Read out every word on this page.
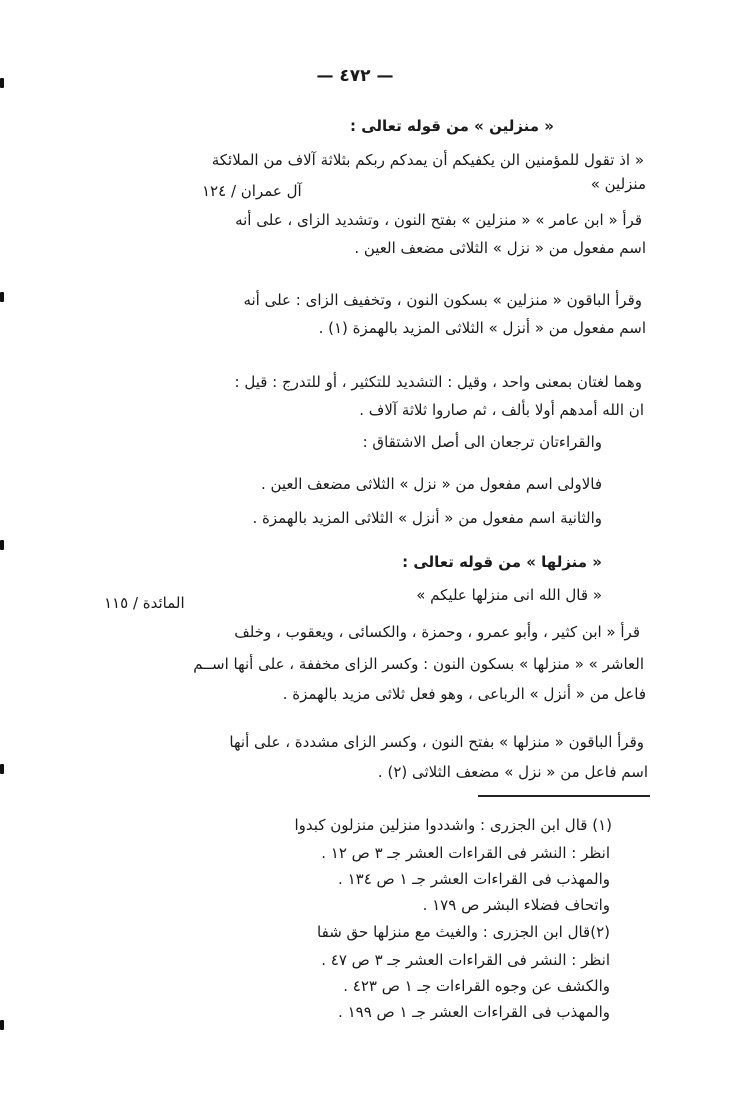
— ٤٧٢ —
« منزلين » من قوله تعالى :
« اذ تقول للمؤمنين الن يكفيكم أن يمدكم ربكم بثلاثة آلاف من الملائكة
منزلين »
آل عمران / ١٢٤
قرأ « ابن عامر » « منزلين » بفتح النون ، وتشديد الزاى ، على أنه
اسم مفعول من « نزل » الثلاثى مضعف العين .
وقرأ الباقون « منزلين » بسكون النون ، وتخفيف الزاى : على أنه
اسم مفعول من « أنزل » الثلاثى المزيد بالهمزة (١) .
وهما لغتان بمعنى واحد ، وقيل : التشديد للتكثير ، أو للتدرج : قيل :
ان الله أمدهم أولا بألف ، ثم صاروا ثلاثة آلاف .
والقراءتان ترجعان الى أصل الاشتقاق :
فالاولى اسم مفعول من « نزل » الثلاثى مضعف العين .
والثانية اسم مفعول من « أنزل » الثلاثى المزيد بالهمزة .
« منزلها » من قوله تعالى :
« قال الله انى منزلها عليكم »
المائدة / ١١٥
قرأ « ابن كثير ، وأبو عمرو ، وحمزة ، والكسائى ، ويعقوب ، وخلف
العاشر » « منزلها » بسكون النون : وكسر الزاى مخففة ، على أنها اســم
فاعل من « أنزل » الرباعى ، وهو فعل ثلاثى مزيد بالهمزة .
وقرأ الباقون « منزلها » بفتح النون ، وكسر الزاى مشددة ، على أنها
اسم فاعل من « نزل » مضعف الثلاثى (٢) .
(١) قال ابن الجزرى : واشددوا منزلين منزلون كبدوا
انظر : النشر فى القراءات العشر جـ ٣ ص ١٢ .
والمهذب فى القراءات العشر جـ ١ ص ١٣٤ .
واتحاف فضلاء البشر ص ١٧٩ .
(٢)قال ابن الجزرى : والغيث مع منزلها حق شفا
انظر : النشر فى القراءات العشر جـ ٣ ص ٤٧ .
والكشف عن وجوه القراءات جـ ١ ص ٤٢٣ .
والمهذب فى القراءات العشر جـ ١ ص ١٩٩ .
